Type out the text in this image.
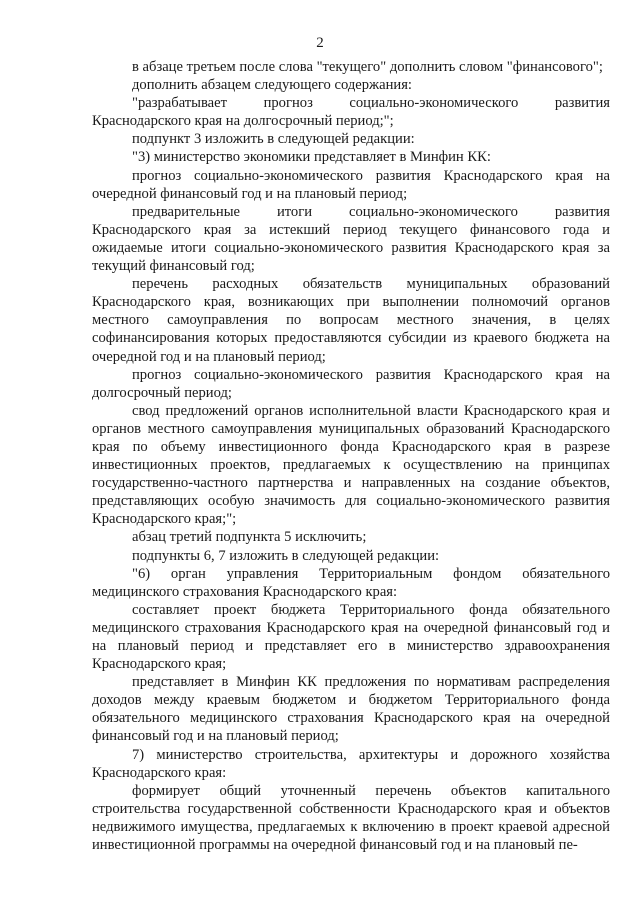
2

в абзаце третьем после слова "текущего" дополнить словом "финансового";

дополнить абзацем следующего содержания:

"разрабатывает прогноз социально-экономического развития Краснодарского края на долгосрочный период;";

подпункт 3 изложить в следующей редакции:

"3) министерство экономики представляет в Минфин КК:

прогноз социально-экономического развития Краснодарского края на очередной финансовый год и на плановый период;

предварительные итоги социально-экономического развития Краснодарского края за истекший период текущего финансового года и ожидаемые итоги социально-экономического развития Краснодарского края за текущий финансовый год;

перечень расходных обязательств муниципальных образований Краснодарского края, возникающих при выполнении полномочий органов местного самоуправления по вопросам местного значения, в целях софинансирования которых предоставляются субсидии из краевого бюджета на очередной год и на плановый период;

прогноз социально-экономического развития Краснодарского края на долгосрочный период;

свод предложений органов исполнительной власти Краснодарского края и органов местного самоуправления муниципальных образований Краснодарского края по объему инвестиционного фонда Краснодарского края в разрезе инвестиционных проектов, предлагаемых к осуществлению на принципах государственно-частного партнерства и направленных на создание объектов, представляющих особую значимость для социально-экономического развития Краснодарского края;";

абзац третий подпункта 5 исключить;

подпункты 6, 7 изложить в следующей редакции:

"6) орган управления Территориальным фондом обязательного медицинского страхования Краснодарского края:

составляет проект бюджета Территориального фонда обязательного медицинского страхования Краснодарского края на очередной финансовый год и на плановый период и представляет его в министерство здравоохранения Краснодарского края;

представляет в Минфин КК предложения по нормативам распределения доходов между краевым бюджетом и бюджетом Территориального фонда обязательного медицинского страхования Краснодарского края на очередной финансовый год и на плановый период;

7) министерство строительства, архитектуры и дорожного хозяйства Краснодарского края:

формирует общий уточненный перечень объектов капитального строительства государственной собственности Краснодарского края и объектов недвижимого имущества, предлагаемых к включению в проект краевой адресной инвестиционной программы на очередной финансовый год и на плановый пе-
